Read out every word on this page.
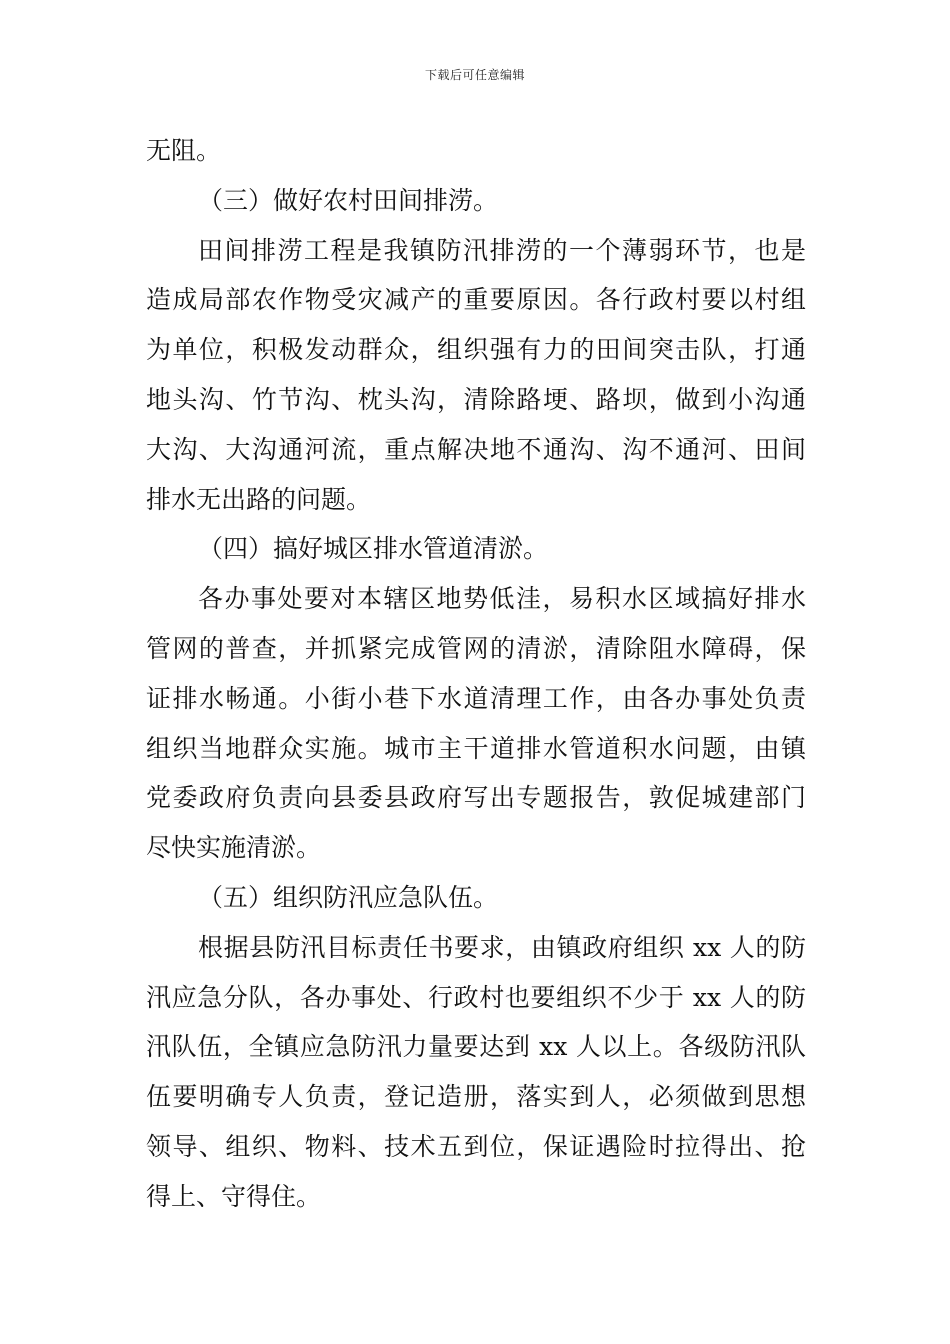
下载后可任意编辑
无阻。
（三）做好农村田间排涝。
田间排涝工程是我镇防汛排涝的一个薄弱环节，也是
造成局部农作物受灾减产的重要原因。各行政村要以村组
为单位，积极发动群众，组织强有力的田间突击队，打通
地头沟、竹节沟、枕头沟，清除路埂、路坝，做到小沟通
大沟、大沟通河流，重点解决地不通沟、沟不通河、田间
排水无出路的问题。
（四）搞好城区排水管道清淤。
各办事处要对本辖区地势低洼，易积水区域搞好排水
管网的普查，并抓紧完成管网的清淤，清除阻水障碍，保
证排水畅通。小街小巷下水道清理工作，由各办事处负责
组织当地群众实施。城市主干道排水管道积水问题，由镇
党委政府负责向县委县政府写出专题报告，敦促城建部门
尽快实施清淤。
（五）组织防汛应急队伍。
根据县防汛目标责任书要求，由镇政府组织 xx 人的防
汛应急分队，各办事处、行政村也要组织不少于 xx 人的防
汛队伍，全镇应急防汛力量要达到 xx 人以上。各级防汛队
伍要明确专人负责，登记造册，落实到人，必须做到思想
领导、组织、物料、技术五到位，保证遇险时拉得出、抢
得上、守得住。
